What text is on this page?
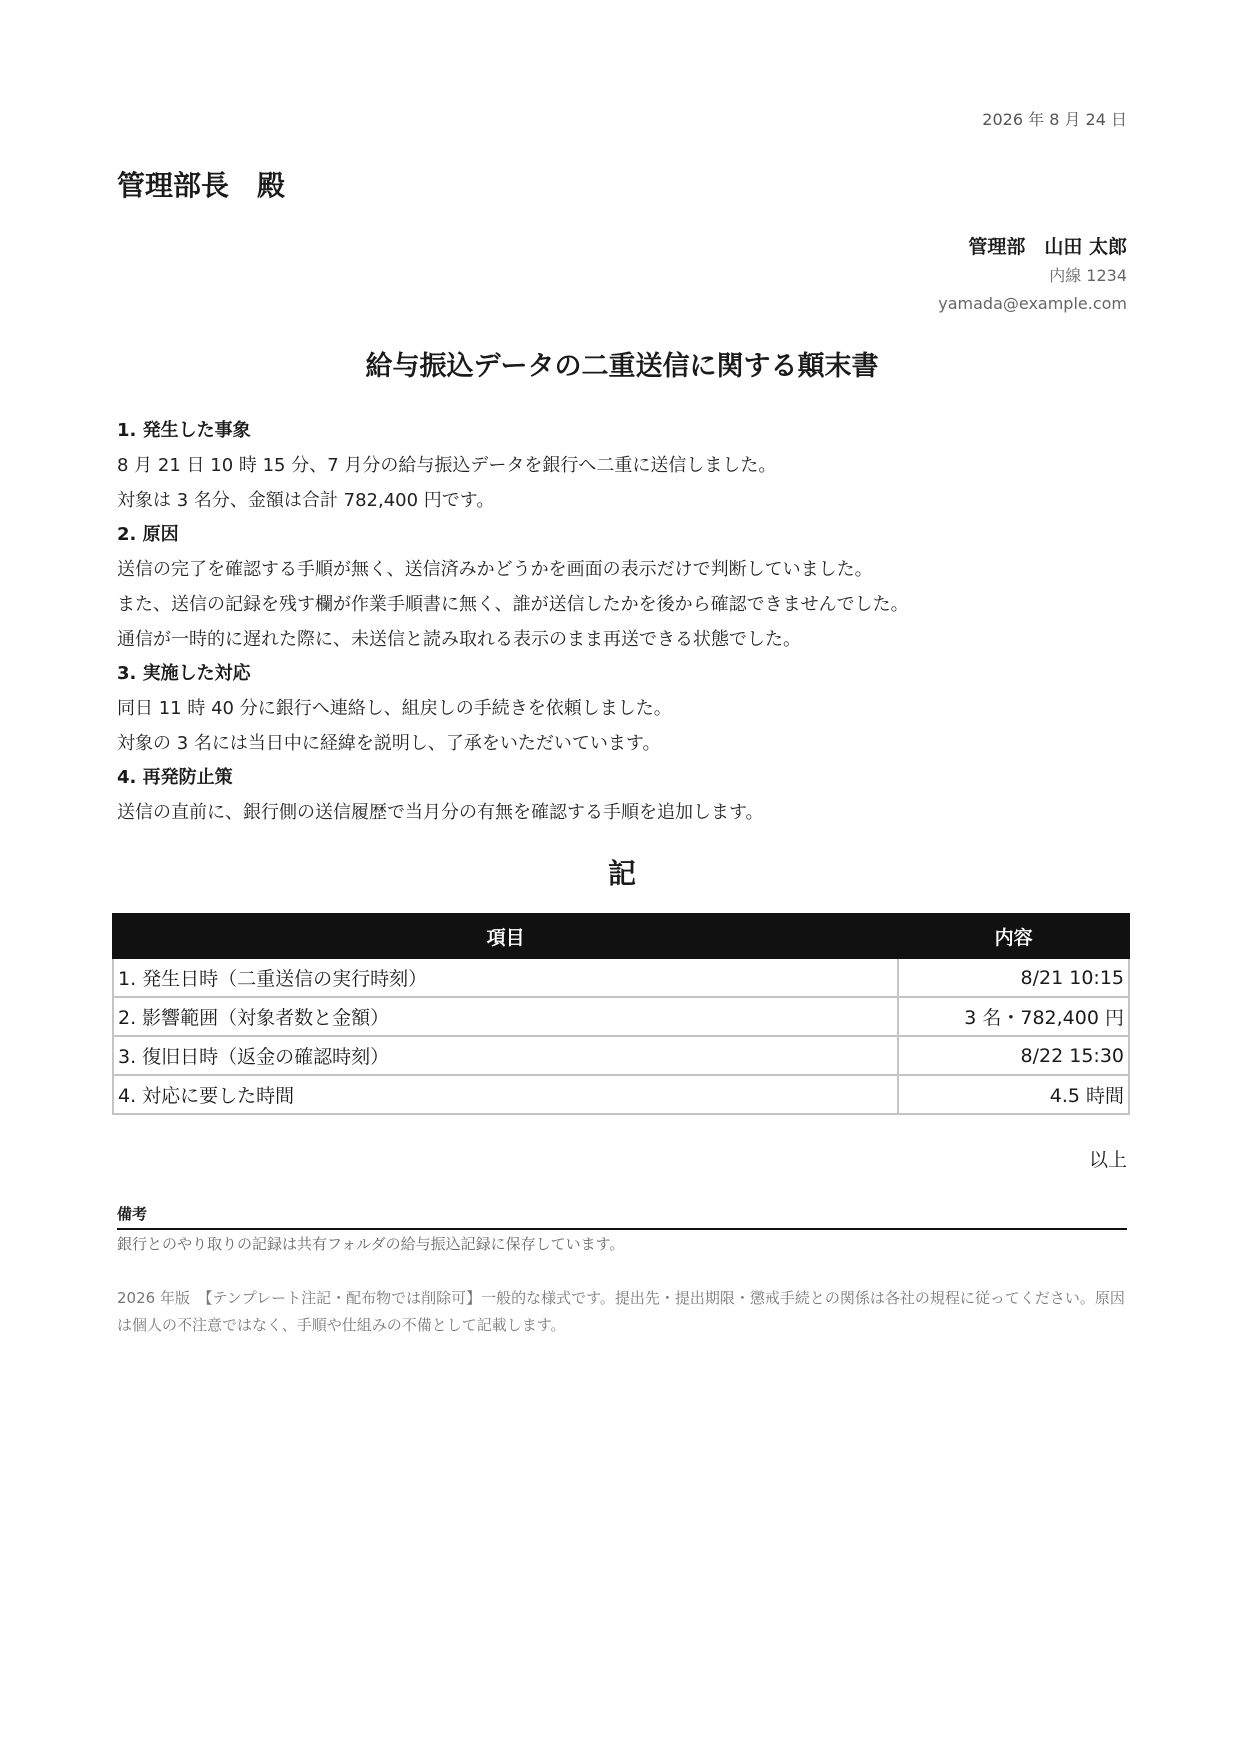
2026 年 8 月 24 日
管理部長　殿
管理部　山田 太郎
内線 1234
yamada@example.com
給与振込データの二重送信に関する顛末書
1. 発生した事象
8 月 21 日 10 時 15 分、7 月分の給与振込データを銀行へ二重に送信しました。
対象は 3 名分、金額は合計 782,400 円です。
2. 原因
送信の完了を確認する手順が無く、送信済みかどうかを画面の表示だけで判断していました。
また、送信の記録を残す欄が作業手順書に無く、誰が送信したかを後から確認できませんでした。
通信が一時的に遅れた際に、未送信と読み取れる表示のまま再送できる状態でした。
3. 実施した対応
同日 11 時 40 分に銀行へ連絡し、組戻しの手続きを依頼しました。
対象の 3 名には当日中に経緯を説明し、了承をいただいています。
4. 再発防止策
送信の直前に、銀行側の送信履歴で当月分の有無を確認する手順を追加します。
記
項目	内容
1. 発生日時（二重送信の実行時刻）	8/21 10:15
2. 影響範囲（対象者数と金額）	3 名・782,400 円
3. 復旧日時（返金の確認時刻）	8/22 15:30
4. 対応に要した時間	4.5 時間
以上
備考
銀行とのやり取りの記録は共有フォルダの給与振込記録に保存しています。
2026 年版　【テンプレート注記・配布物では削除可】一般的な様式です。提出先・提出期限・懲戒手続との関係は各社の規程に従ってください。原因は個人の不注意ではなく、手順や仕組みの不備として記載します。
